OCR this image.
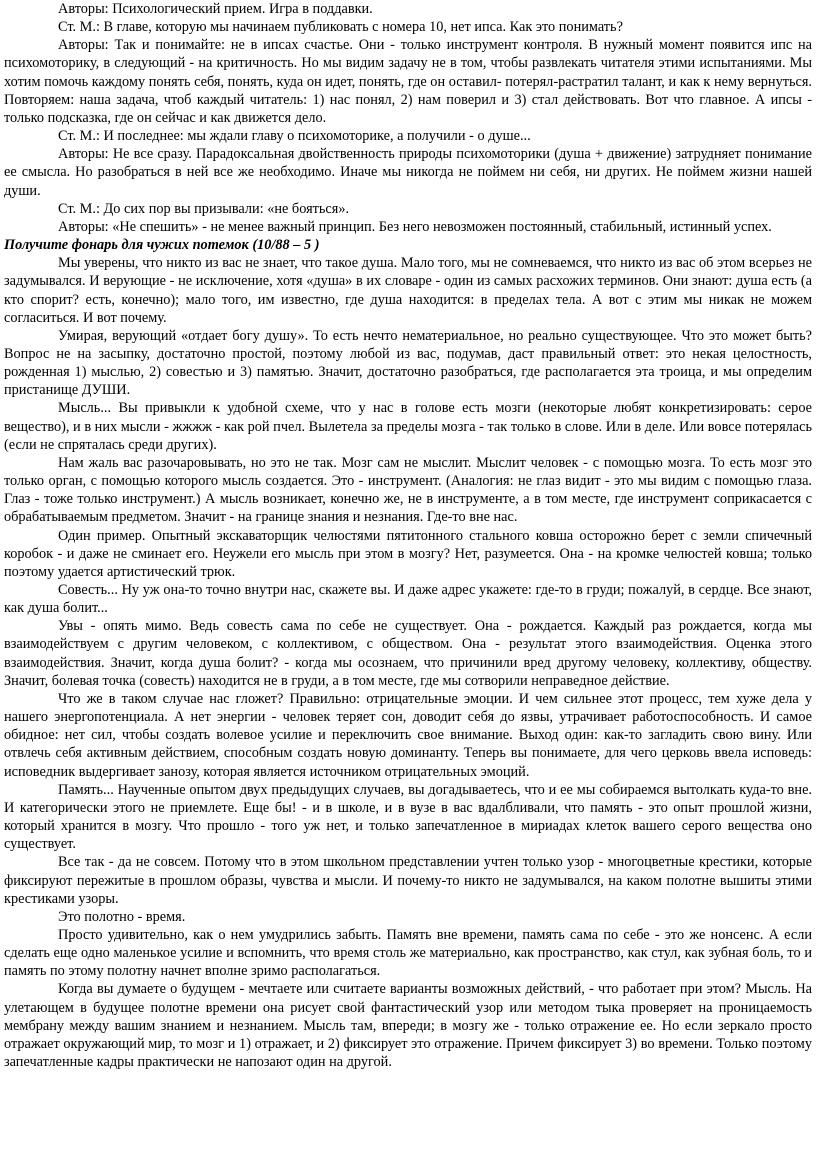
Авторы: Психологический прием. Игра в поддавки.

Ст. М.: В главе, которую мы начинаем публиковать с номера 10, нет ипса. Как это понимать?

Авторы: Так и понимайте: не в ипсах счастье. Они - только инструмент контроля. В нужный момент появится ипс на психомоторику, в следующий - на критичность. Но мы видим задачу не в том, чтобы развлекать читателя этими испытаниями. Мы хотим помочь каждому понять себя, понять, куда он идет, понять, где он оставил- потерял-растратил талант, и как к нему вернуться. Повторяем: наша задача, чтоб каждый читатель: 1) нас понял, 2) нам поверил и 3) стал действовать. Вот что главное. А ипсы - только подсказка, где он сейчас и как движется дело.

Ст. М.: И последнее: мы ждали главу о психомоторике, а получили - о душе...

Авторы: Не все сразу. Парадоксальная двойственность природы психомоторики (душа + движение) затрудняет понимание ее смысла. Но разобраться в ней все же необходимо. Иначе мы никогда не поймем ни себя, ни других. Не поймем жизни нашей души.

Ст. М.: До сих пор вы призывали: «не бояться».

Авторы: «Не спешить» - не менее важный принцип. Без него невозможен постоянный, стабильный, истинный успех.

Получите фонарь для чужих потемок (10/88 – 5 )

Мы уверены, что никто из вас не знает, что такое душа. Мало того, мы не сомневаемся, что никто из вас об этом всерьез не задумывался. И верующие - не исключение, хотя «душа» в их словаре - один из самых расхожих терминов. Они знают: душа есть (а кто спорит? есть, конечно); мало того, им известно, где душа находится: в пределах тела. А вот с этим мы никак не можем согласиться. И вот почему.

Умирая, верующий «отдает богу душу». То есть нечто нематериальное, но реально существующее. Что это может быть? Вопрос не на засыпку, достаточно простой, поэтому любой из вас, подумав, даст правильный ответ: это некая целостность, рожденная 1) мыслью, 2) совестью и 3) памятью. Значит, достаточно разобраться, где располагается эта троица, и мы определим пристанище ДУШИ.

Мысль... Вы привыкли к удобной схеме, что у нас в голове есть мозги (некоторые любят конкретизировать: серое вещество), и в них мысли - жжжж - как рой пчел. Вылетела за пределы мозга - так только в слове. Или в деле. Или вовсе потерялась (если не спряталась среди других).

Нам жаль вас разочаровывать, но это не так. Мозг сам не мыслит. Мыслит человек - с помощью мозга. То есть мозг это только орган, с помощью которого мысль создается. Это - инструмент. (Аналогия: не глаз видит - это мы видим с помощью глаза. Глаз - тоже только инструмент.) А мысль возникает, конечно же, не в инструменте, а в том месте, где инструмент соприкасается с обрабатываемым предметом. Значит - на границе знания и незнания. Где-то вне нас.

Один пример. Опытный экскаваторщик челюстями пятитонного стального ковша осторожно берет с земли спичечный коробок - и даже не сминает его. Неужели его мысль при этом в мозгу? Нет, разумеется. Она - на кромке челюстей ковша; только поэтому удается артистический трюк.

Совесть... Ну уж она-то точно внутри нас, скажете вы. И даже адрес укажете: где-то в груди; пожалуй, в сердце. Все знают, как душа болит...

Увы - опять мимо. Ведь совесть сама по себе не существует. Она - рождается. Каждый раз рождается, когда мы взаимодействуем с другим человеком, с коллективом, с обществом. Она - результат этого взаимодействия. Оценка этого взаимодействия. Значит, когда душа болит? - когда мы осознаем, что причинили вред другому человеку, коллективу, обществу. Значит, болевая точка (совесть) находится не в груди, а в том месте, где мы сотворили неправедное действие.

Что же в таком случае нас гложет? Правильно: отрицательные эмоции. И чем сильнее этот процесс, тем хуже дела у нашего энергопотенциала. А нет энергии - человек теряет сон, доводит себя до язвы, утрачивает работоспособность. И самое обидное: нет сил, чтобы создать волевое усилие и переключить свое внимание. Выход один: как-то загладить свою вину. Или отвлечь себя активным действием, способным создать новую доминанту. Теперь вы понимаете, для чего церковь ввела исповедь: исповедник выдергивает занозу, которая является источником отрицательных эмоций.

Память... Наученные опытом двух предыдущих случаев, вы догадываетесь, что и ее мы собираемся вытолкать куда-то вне. И категорически этого не приемлете. Еще бы! - и в школе, и в вузе в вас вдалбливали, что память - это опыт прошлой жизни, который хранится в мозгу. Что прошло - того уж нет, и только запечатленное в мириадах клеток вашего серого вещества оно существует.

Все так - да не совсем. Потому что в этом школьном представлении учтен только узор - многоцветные крестики, которые фиксируют пережитые в прошлом образы, чувства и мысли. И почему-то никто не задумывался, на каком полотне вышиты этими крестиками узоры.

Это полотно - время.

Просто удивительно, как о нем умудрились забыть. Память вне времени, память сама по себе - это же нонсенс. А если сделать еще одно маленькое усилие и вспомнить, что время столь же материально, как пространство, как стул, как зубная боль, то и память по этому полотну начнет вполне зримо располагаться.

Когда вы думаете о будущем - мечтаете или считаете варианты возможных действий, - что работает при этом? Мысль. На улетающем в будущее полотне времени она рисует свой фантастический узор или методом тыка проверяет на проницаемость мембрану между вашим знанием и незнанием. Мысль там, впереди; в мозгу же - только отражение ее. Но если зеркало просто отражает окружающий мир, то мозг и 1) отражает, и 2) фиксирует это отражение. Причем фиксирует 3) во времени. Только поэтому запечатленные кадры практически не напозают один на другой.
